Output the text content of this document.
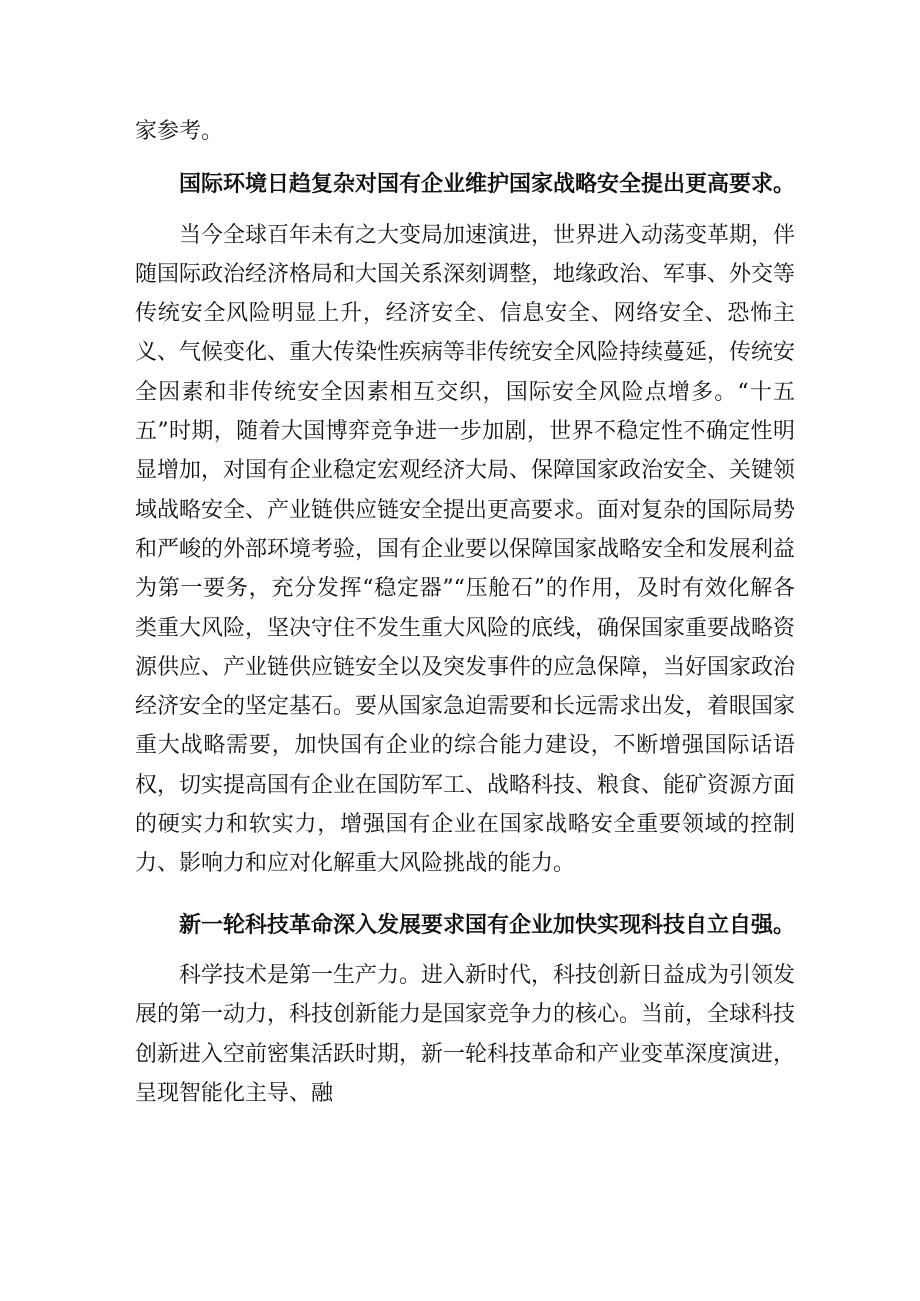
家参考。

国际环境日趋复杂对国有企业维护国家战略安全提出更高要求。

当今全球百年未有之大变局加速演进，世界进入动荡变革期，伴随国际政治经济格局和大国关系深刻调整，地缘政治、军事、外交等传统安全风险明显上升，经济安全、信息安全、网络安全、恐怖主义、气候变化、重大传染性疾病等非传统安全风险持续蔓延，传统安全因素和非传统安全因素相互交织，国际安全风险点增多。“十五五”时期，随着大国博弈竞争进一步加剧，世界不稳定性不确定性明显增加，对国有企业稳定宏观经济大局、保障国家政治安全、关键领域战略安全、产业链供应链安全提出更高要求。面对复杂的国际局势和严峻的外部环境考验，国有企业要以保障国家战略安全和发展利益为第一要务，充分发挥“稳定器”“压舱石”的作用，及时有效化解各类重大风险，坚决守住不发生重大风险的底线，确保国家重要战略资源供应、产业链供应链安全以及突发事件的应急保障，当好国家政治经济安全的坚定基石。要从国家急迫需要和长远需求出发，着眼国家重大战略需要，加快国有企业的综合能力建设，不断增强国际话语权，切实提高国有企业在国防军工、战略科技、粮食、能矿资源方面的硬实力和软实力，增强国有企业在国家战略安全重要领域的控制力、影响力和应对化解重大风险挑战的能力。

新一轮科技革命深入发展要求国有企业加快实现科技自立自强。

科学技术是第一生产力。进入新时代，科技创新日益成为引领发展的第一动力，科技创新能力是国家竞争力的核心。当前，全球科技创新进入空前密集活跃时期，新一轮科技革命和产业变革深度演进，呈现智能化主导、融
